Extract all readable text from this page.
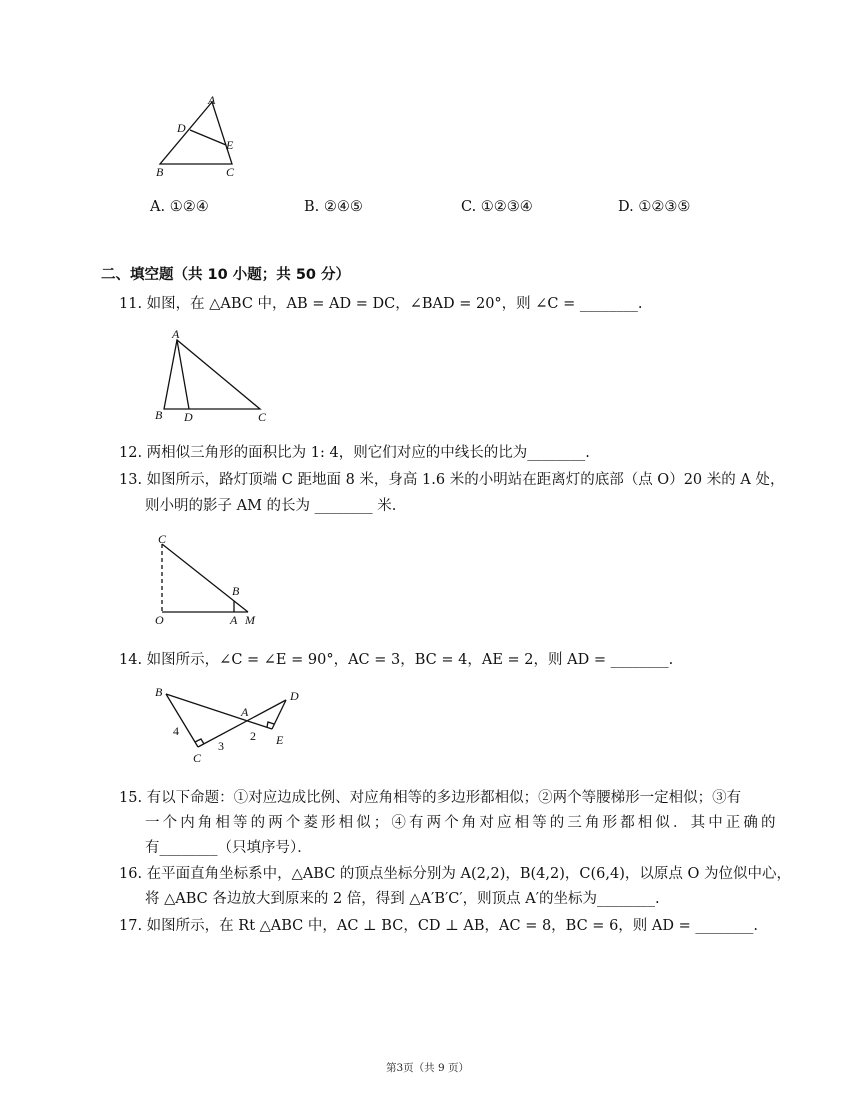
A
D
E
B	C
A. ①②④	B. ②④⑤	C. ①②③④	D. ①②③⑤
二、填空题（共 10 小题；共 50 分）
11. 如图，在 △ABC 中，AB = AD = DC，∠BAD = 20°，则 ∠C = ________.
A
B D	C
12. 两相似三角形的面积比为 1: 4，则它们对应的中线长的比为________.
13. 如图所示，路灯顶端 C 距地面 8 米，身高 1.6 米的小明站在距离灯的底部（点 O）20 米的 A 处，
则小明的影子 AM 的长为 ________ 米.
C
B
O	A M
14. 如图所示，∠C = ∠E = 90°，AC = 3，BC = 4，AE = 2，则 AD = ________.
B	D
A
C
E
4
3
2
15. 有以下命题：①对应边成比例、对应角相等的多边形都相似；②两个等腰梯形一定相似；③有
一个内角相等的两个菱形相似；④有两个角对应相等的三角形都相似．其中正确的
有________（只填序号）．
16. 在平面直角坐标系中，△ABC 的顶点坐标分别为 A(2,2)，B(4,2)，C(6,4)，以原点 O 为位似中心，
将 △ABC 各边放大到原来的 2 倍，得到 △A′B′C′，则顶点 A′的坐标为________.
17. 如图所示，在 Rt △ABC 中，AC ⊥ BC，CD ⊥ AB，AC = 8，BC = 6，则 AD = ________.
第3页（共 9 页）
